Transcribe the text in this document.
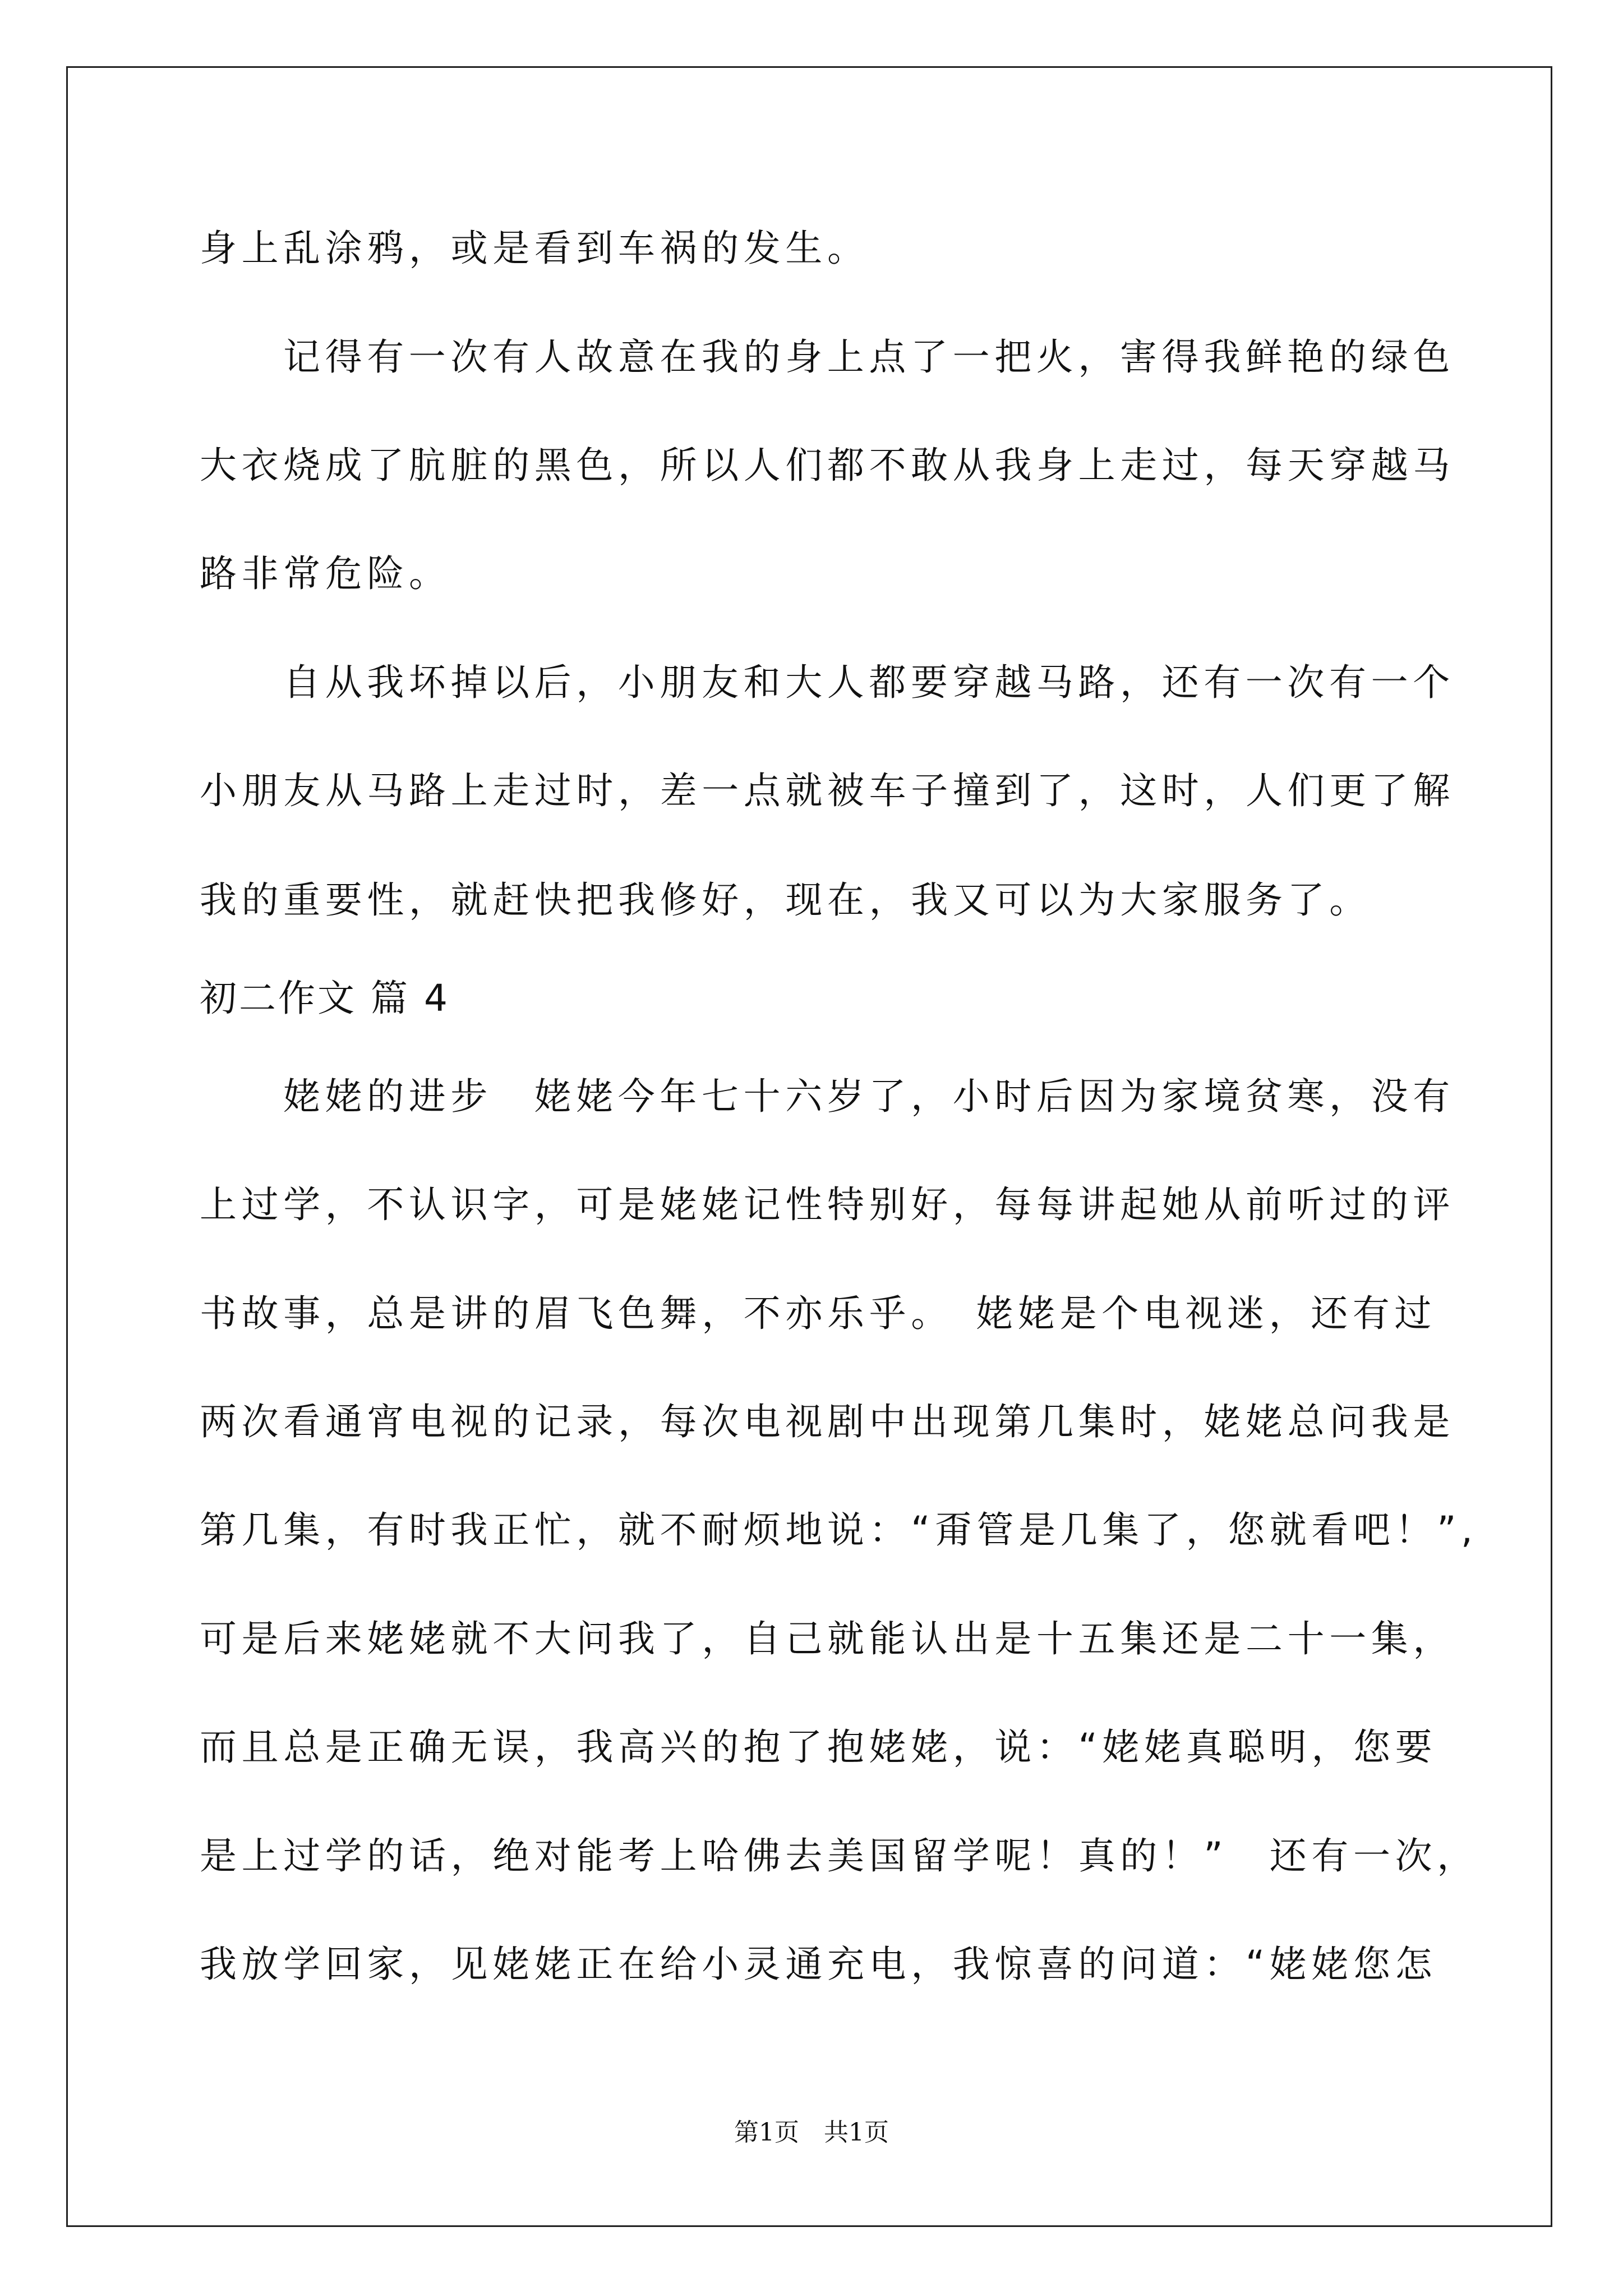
身上乱涂鸦，或是看到车祸的发生。
记得有一次有人故意在我的身上点了一把火，害得我鲜艳的绿色
大衣烧成了肮脏的黑色，所以人们都不敢从我身上走过，每天穿越马
路非常危险。
自从我坏掉以后，小朋友和大人都要穿越马路，还有一次有一个
小朋友从马路上走过时，差一点就被车子撞到了，这时，人们更了解
我的重要性，就赶快把我修好，现在，我又可以为大家服务了。
初二作文 篇 4
姥姥的进步　姥姥今年七十六岁了，小时后因为家境贫寒，没有
上过学，不认识字，可是姥姥记性特别好，每每讲起她从前听过的评
书故事，总是讲的眉飞色舞，不亦乐乎。　姥姥是个电视迷，还有过
两次看通宵电视的记录，每次电视剧中出现第几集时，姥姥总问我是
第几集，有时我正忙，就不耐烦地说：“甭管是几集了，您就看吧！”,
可是后来姥姥就不大问我了，自己就能认出是十五集还是二十一集，
而且总是正确无误，我高兴的抱了抱姥姥，说：“姥姥真聪明，您要
是上过学的话，绝对能考上哈佛去美国留学呢！真的！”　还有一次，
我放学回家，见姥姥正在给小灵通充电，我惊喜的问道：“姥姥您怎
第1页　共1页
